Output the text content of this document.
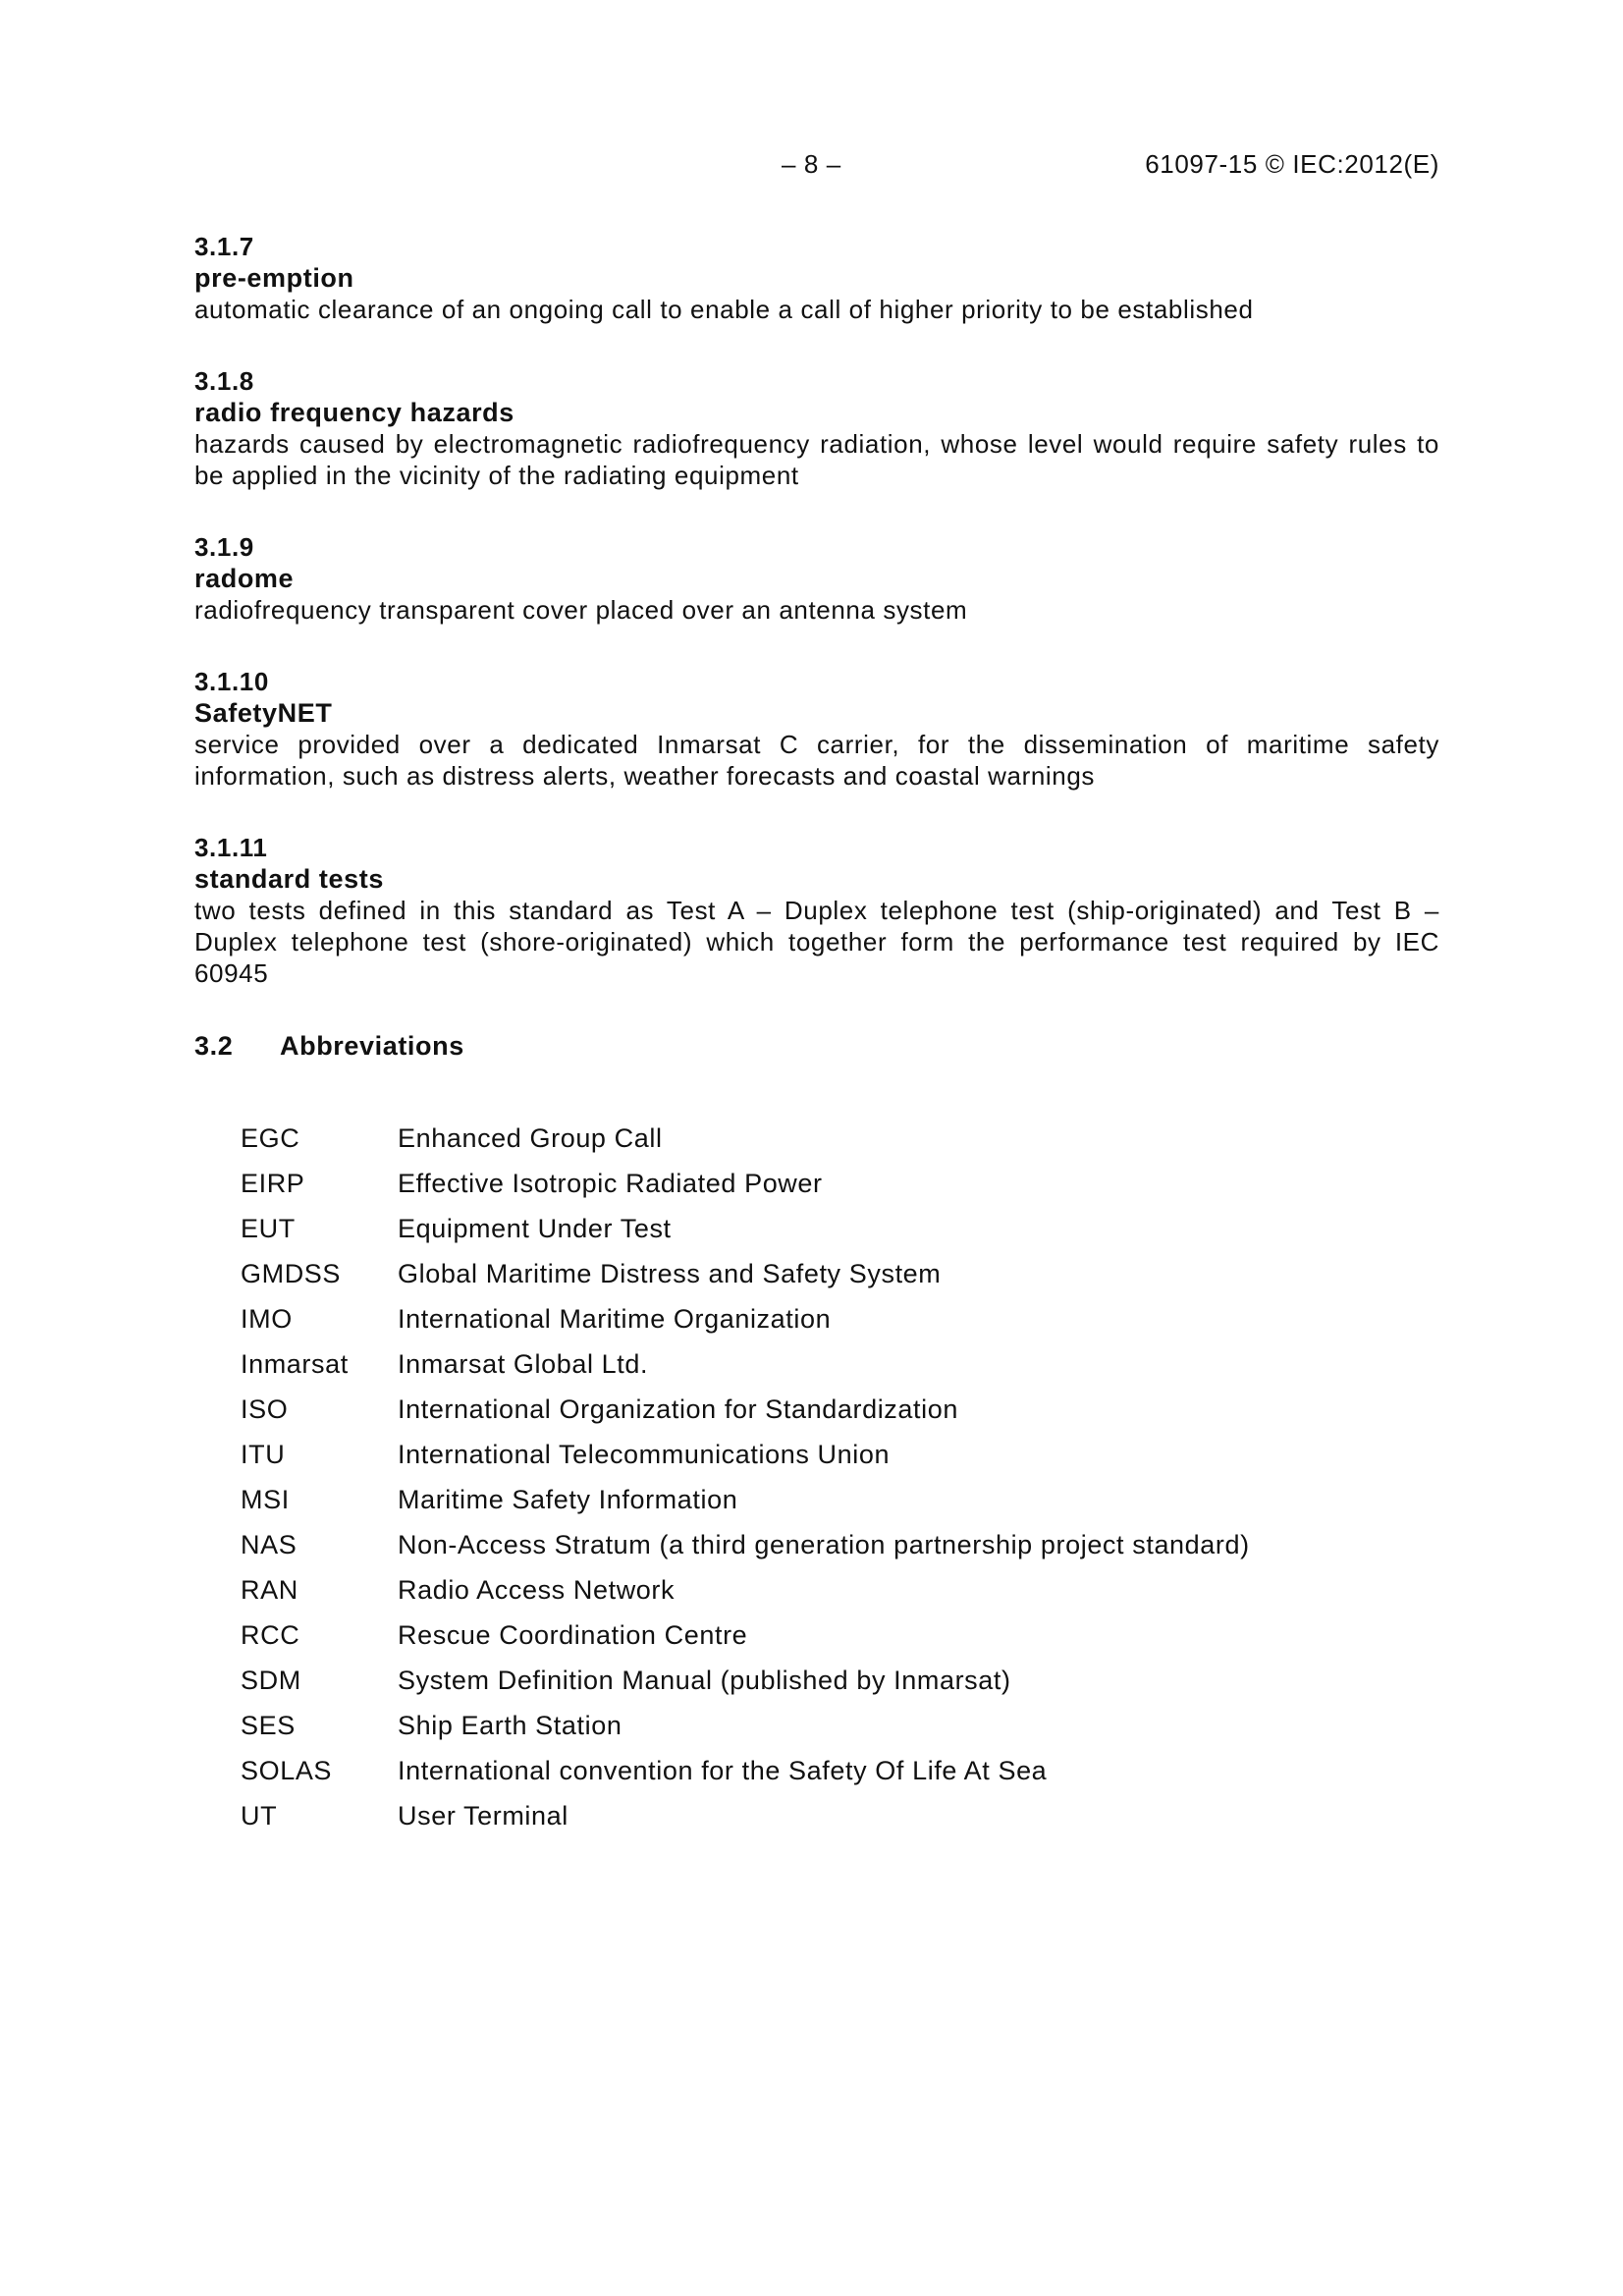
– 8 –	61097-15 © IEC:2012(E)
3.1.7
pre-emption
automatic clearance of an ongoing call to enable a call of higher priority to be established
3.1.8
radio frequency hazards
hazards caused by electromagnetic radiofrequency radiation, whose level would require safety rules to be applied in the vicinity of the radiating equipment
3.1.9
radome
radiofrequency transparent cover placed over an antenna system
3.1.10
SafetyNET
service provided over a dedicated Inmarsat C carrier, for the dissemination of maritime safety information, such as distress alerts, weather forecasts and coastal warnings
3.1.11
standard tests
two tests defined in this standard as Test A – Duplex telephone test (ship-originated) and Test B – Duplex telephone test (shore-originated) which together form the performance test required by IEC 60945
3.2	Abbreviations
EGC	Enhanced Group Call
EIRP	Effective Isotropic Radiated Power
EUT	Equipment Under Test
GMDSS	Global Maritime Distress and Safety System
IMO	International Maritime Organization
Inmarsat	Inmarsat Global Ltd.
ISO	International Organization for Standardization
ITU	International Telecommunications Union
MSI	Maritime Safety Information
NAS	Non-Access Stratum (a third generation partnership project standard)
RAN	Radio Access Network
RCC	Rescue Coordination Centre
SDM	System Definition Manual (published by Inmarsat)
SES	Ship Earth Station
SOLAS	International convention for the Safety Of Life At Sea
UT	User Terminal
